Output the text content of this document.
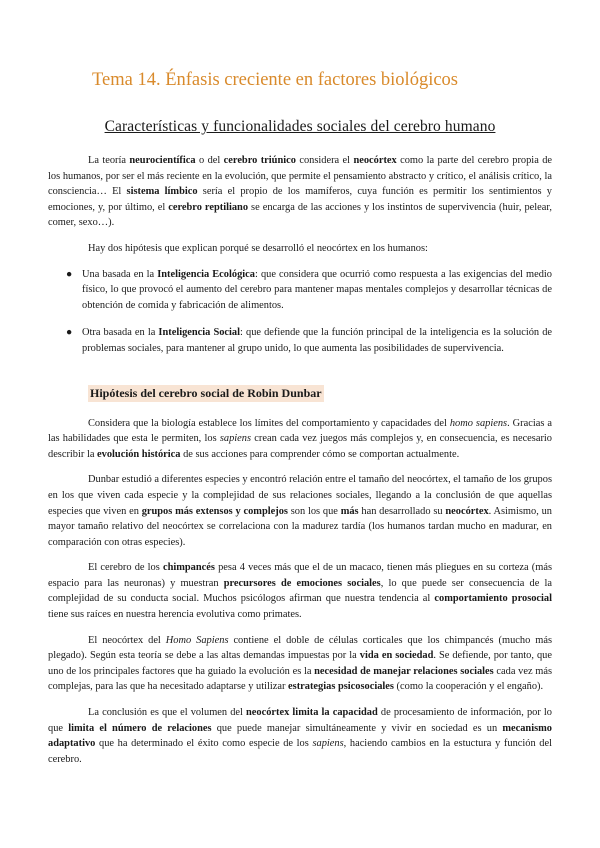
Tema 14. Énfasis creciente en factores biológicos
Características y funcionalidades sociales del cerebro humano

La teoría neurocientífica o del cerebro triúnico considera el neocórtex como la parte del cerebro propia de los humanos, por ser el más reciente en la evolución, que permite el pensamiento abstracto y crítico, el análisis crítico, la consciencia… El sistema límbico sería el propio de los mamíferos, cuya función es permitir los sentimientos y emociones, y, por último, el cerebro reptiliano se encarga de las acciones y los instintos de supervivencia (huir, pelear, comer, sexo…).

Hay dos hipótesis que explican porqué se desarrolló el neocórtex en los humanos:

● Una basada en la Inteligencia Ecológica: que considera que ocurrió como respuesta a las exigencias del medio físico, lo que provocó el aumento del cerebro para mantener mapas mentales complejos y desarrollar técnicas de obtención de comida y fabricación de alimentos.
● Otra basada en la Inteligencia Social: que defiende que la función principal de la inteligencia es la solución de problemas sociales, para mantener al grupo unido, lo que aumenta las posibilidades de supervivencia.
Hipótesis del cerebro social de Robin Dunbar

Considera que la biología establece los límites del comportamiento y capacidades del homo sapiens. Gracias a las habilidades que esta le permiten, los sapiens crean cada vez juegos más complejos y, en consecuencia, es necesario describir la evolución histórica de sus acciones para comprender cómo se comportan actualmente.

Dunbar estudió a diferentes especies y encontró relación entre el tamaño del neocórtex, el tamaño de los grupos en los que viven cada especie y la complejidad de sus relaciones sociales, llegando a la conclusión de que aquellas especies que viven en grupos más extensos y complejos son los que más han desarrollado su neocórtex. Asimismo, un mayor tamaño relativo del neocórtex se correlaciona con la madurez tardía (los humanos tardan mucho en madurar, en comparación con otras especies).

El cerebro de los chimpancés pesa 4 veces más que el de un macaco, tienen más pliegues en su corteza (más espacio para las neuronas) y muestran precursores de emociones sociales, lo que puede ser consecuencia de la complejidad de su conducta social. Muchos psicólogos afirman que nuestra tendencia al comportamiento prosocial tiene sus raíces en nuestra herencia evolutiva como primates.

El neocórtex del Homo Sapiens contiene el doble de células corticales que los chimpancés (mucho más plegado). Según esta teoría se debe a las altas demandas impuestas por la vida en sociedad. Se defiende, por tanto, que uno de los principales factores que ha guiado la evolución es la necesidad de manejar relaciones sociales cada vez más complejas, para las que ha necesitado adaptarse y utilizar estrategias psicosociales (como la cooperación y el engaño).

La conclusión es que el volumen del neocórtex limita la capacidad de procesamiento de información, por lo que limita el número de relaciones que puede manejar simultáneamente y vivir en sociedad es un mecanismo adaptativo que ha determinado el éxito como especie de los sapiens, haciendo cambios en la estuctura y función del cerebro.
